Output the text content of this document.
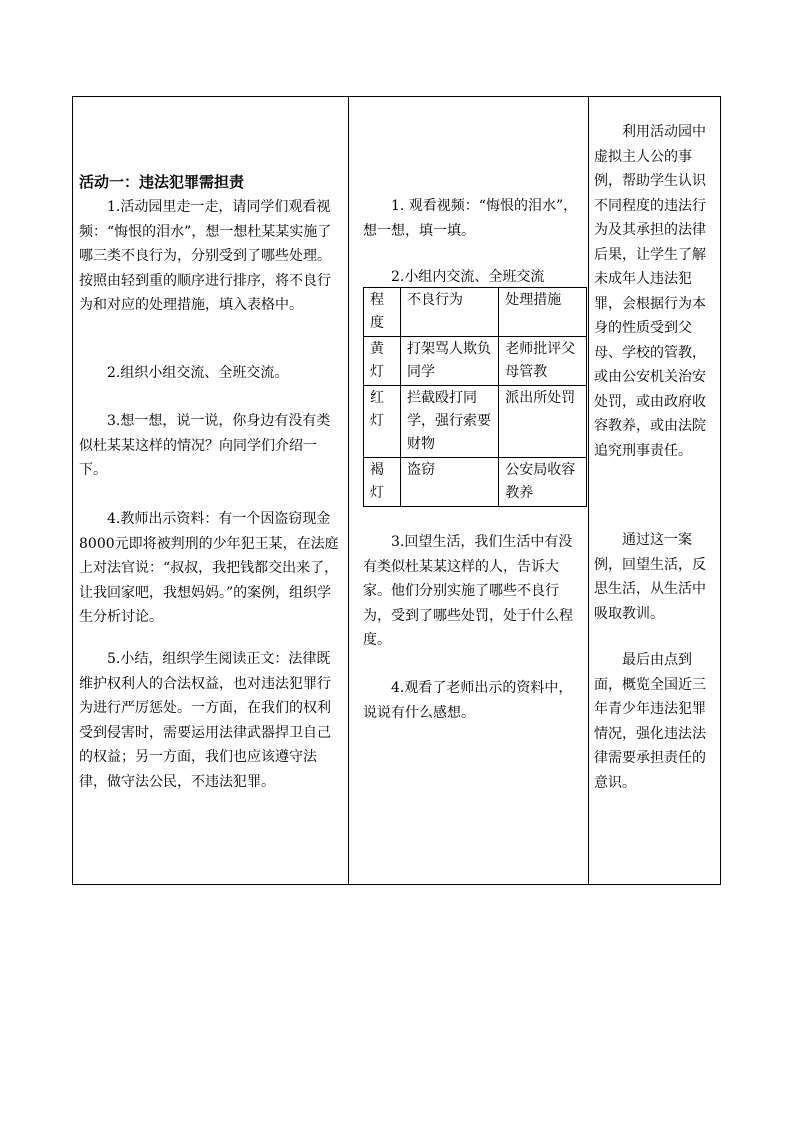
活动一：违法犯罪需担责
1.活动园里走一走，请同学们观看视频：“悔恨的泪水”，想一想杜某某实施了哪三类不良行为，分别受到了哪些处理。按照由轻到重的顺序进行排序，将不良行为和对应的处理措施，填入表格中。
2.组织小组交流、全班交流。
3.想一想，说一说，你身边有没有类似杜某某这样的情况？向同学们介绍一下。
4.教师出示资料：有一个因盗窃现金8000元即将被判刑的少年犯王某，在法庭上对法官说：“叔叔，我把钱都交出来了，让我回家吧，我想妈妈。”的案例，组织学生分析讨论。
5.小结，组织学生阅读正文：法律既维护权利人的合法权益，也对违法犯罪行为进行严厉惩处。一方面，在我们的权利受到侵害时，需要运用法律武器捍卫自己的权益；另一方面，我们也应该遵守法律，做守法公民，不违法犯罪。
1. 观看视频：“悔恨的泪水”，想一想，填一填。
2.小组内交流、全班交流
程度	不良行为	处理措施
黄灯	打架骂人欺负同学	老师批评父母管教
红灯	拦截殴打同学，强行索要财物	派出所处罚
褐灯	盗窃	公安局收容教养
3.回望生活，我们生活中有没有类似杜某某这样的人，告诉大家。他们分别实施了哪些不良行为，受到了哪些处罚，处于什么程度。
4.观看了老师出示的资料中，说说有什么感想。
利用活动园中虚拟主人公的事例，帮助学生认识不同程度的违法行为及其承担的法律后果，让学生了解未成年人违法犯罪，会根据行为本身的性质受到父母、学校的管教，或由公安机关治安处罚，或由政府收容教养，或由法院追究刑事责任。
通过这一案例，回望生活，反思生活，从生活中吸取教训。
最后由点到面，概览全国近三年青少年违法犯罪情况，强化违法法律需要承担责任的意识。
